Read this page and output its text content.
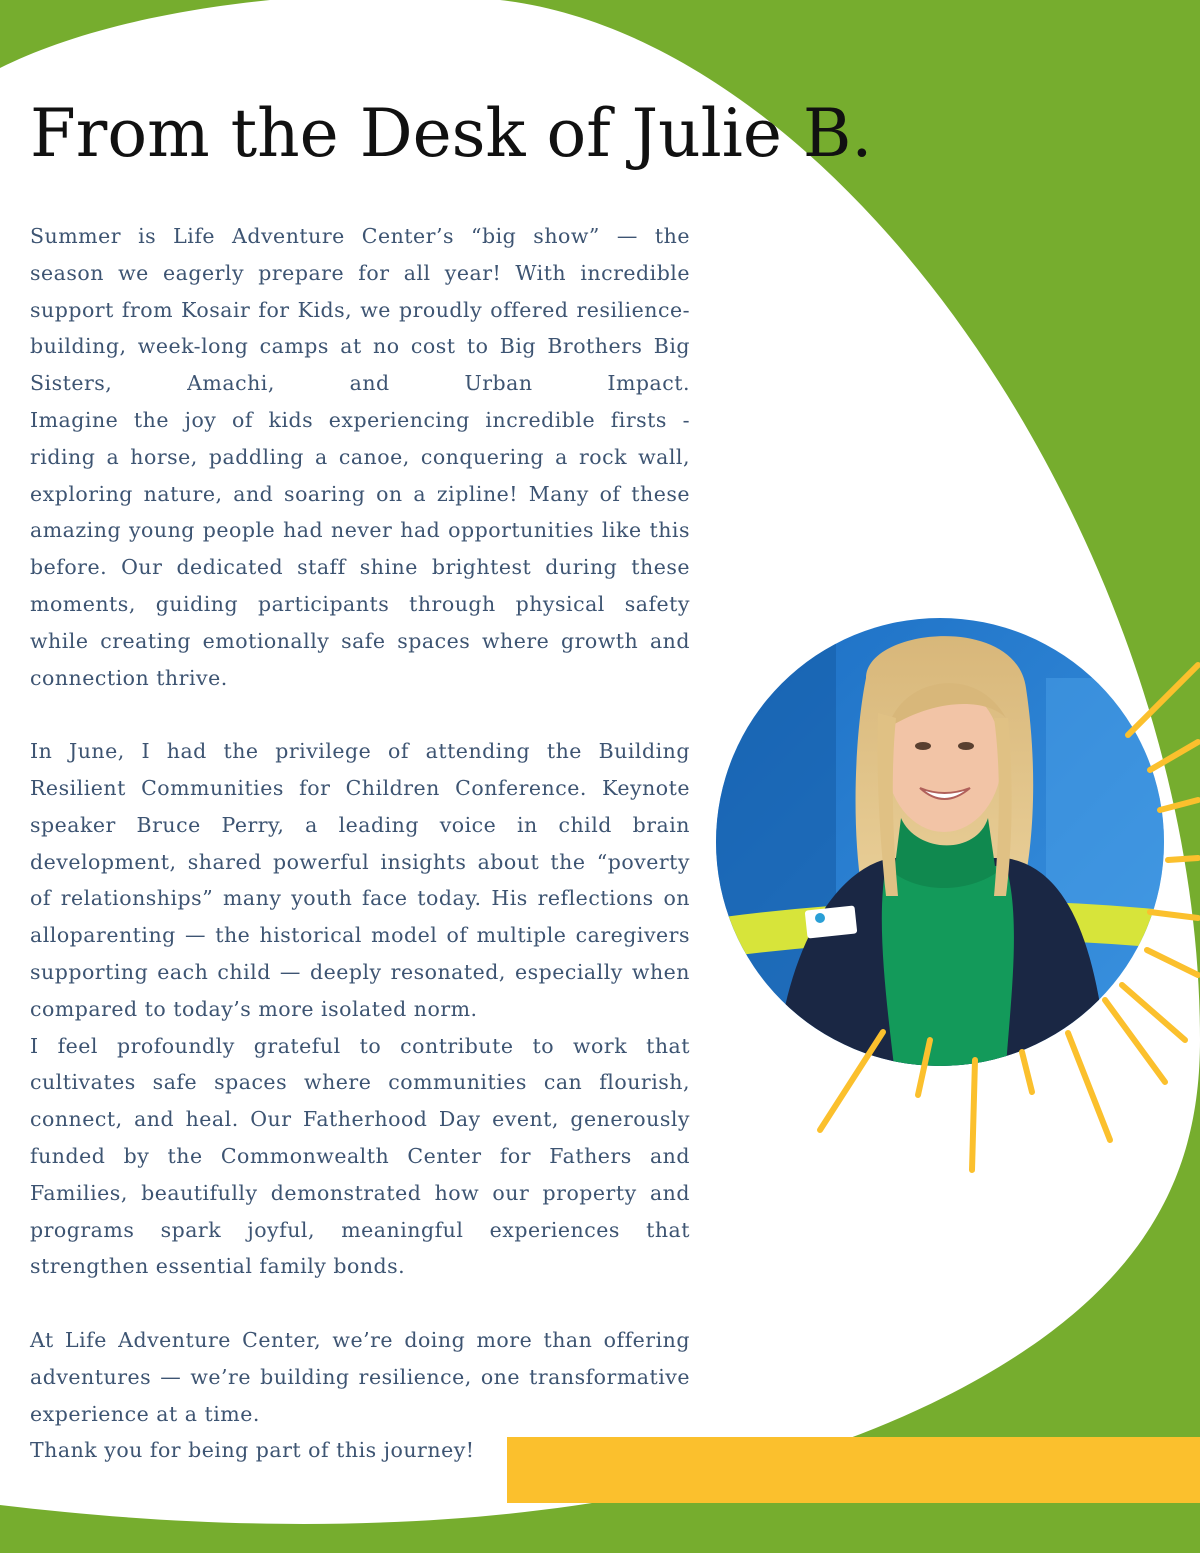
From the Desk of Julie B.

Summer is Life Adventure Center’s “big show” — the season we eagerly prepare for all year! With incredible support from Kosair for Kids, we proudly offered resilience-building, week-long camps at no cost to Big Brothers Big Sisters, Amachi, and Urban Impact.

Imagine the joy of kids experiencing incredible firsts - riding a horse, paddling a canoe, conquering a rock wall, exploring nature, and soaring on a zipline! Many of these amazing young people had never had opportunities like this before. Our dedicated staff shine brightest during these moments, guiding participants through physical safety while creating emotionally safe spaces where growth and connection thrive.

In June, I had the privilege of attending the Building Resilient Communities for Children Conference. Keynote speaker Bruce Perry, a leading voice in child brain development, shared powerful insights about the “poverty of relationships” many youth face today. His reflections on alloparenting — the historical model of multiple caregivers supporting each child — deeply resonated, especially when compared to today’s more isolated norm.

I feel profoundly grateful to contribute to work that cultivates safe spaces where communities can flourish, connect, and heal. Our Fatherhood Day event, generously funded by the Commonwealth Center for Fathers and Families, beautifully demonstrated how our property and programs spark joyful, meaningful experiences that strengthen essential family bonds.

At Life Adventure Center, we’re doing more than offering adventures — we’re building resilience, one transformative experience at a time.

Thank you for being part of this journey!
